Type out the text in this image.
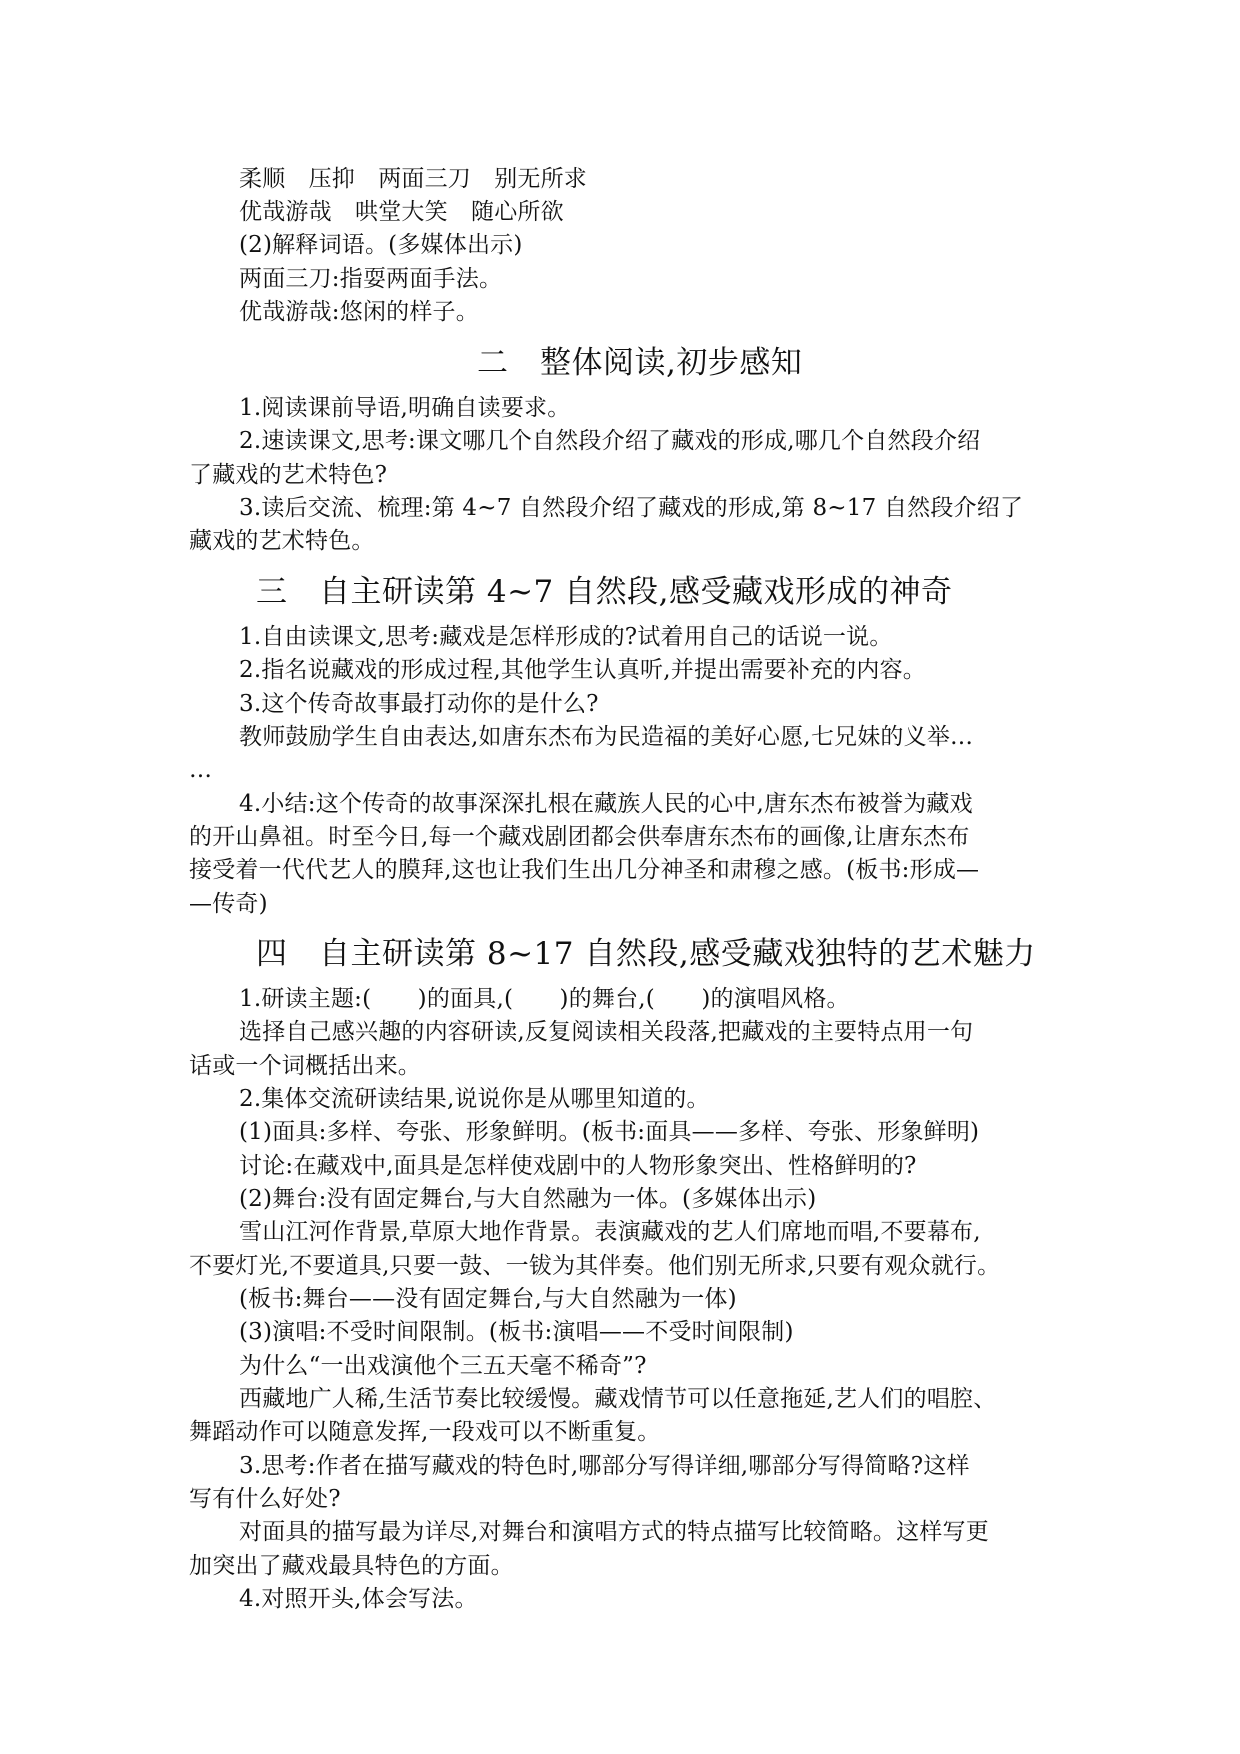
柔顺　压抑　两面三刀　别无所求
优哉游哉　哄堂大笑　随心所欲
(2)解释词语。(多媒体出示)
两面三刀:指耍两面手法。
优哉游哉:悠闲的样子。
二　整体阅读,初步感知
1.阅读课前导语,明确自读要求。
2.速读课文,思考:课文哪几个自然段介绍了藏戏的形成,哪几个自然段介绍
了藏戏的艺术特色?
3.读后交流、梳理:第 4~7 自然段介绍了藏戏的形成,第 8~17 自然段介绍了
藏戏的艺术特色。
三　自主研读第 4~7 自然段,感受藏戏形成的神奇
1.自由读课文,思考:藏戏是怎样形成的?试着用自己的话说一说。
2.指名说藏戏的形成过程,其他学生认真听,并提出需要补充的内容。
3.这个传奇故事最打动你的是什么?
教师鼓励学生自由表达,如唐东杰布为民造福的美好心愿,七兄妹的义举…
…
4.小结:这个传奇的故事深深扎根在藏族人民的心中,唐东杰布被誉为藏戏
的开山鼻祖。时至今日,每一个藏戏剧团都会供奉唐东杰布的画像,让唐东杰布
接受着一代代艺人的膜拜,这也让我们生出几分神圣和肃穆之感。(板书:形成—
—传奇)
四　自主研读第 8~17 自然段,感受藏戏独特的艺术魅力
1.研读主题:(　　)的面具,(　　)的舞台,(　　)的演唱风格。
选择自己感兴趣的内容研读,反复阅读相关段落,把藏戏的主要特点用一句
话或一个词概括出来。
2.集体交流研读结果,说说你是从哪里知道的。
(1)面具:多样、夸张、形象鲜明。(板书:面具——多样、夸张、形象鲜明)
讨论:在藏戏中,面具是怎样使戏剧中的人物形象突出、性格鲜明的?
(2)舞台:没有固定舞台,与大自然融为一体。(多媒体出示)
雪山江河作背景,草原大地作背景。表演藏戏的艺人们席地而唱,不要幕布,
不要灯光,不要道具,只要一鼓、一钹为其伴奏。他们别无所求,只要有观众就行。
(板书:舞台——没有固定舞台,与大自然融为一体)
(3)演唱:不受时间限制。(板书:演唱——不受时间限制)
为什么“一出戏演他个三五天毫不稀奇”?
西藏地广人稀,生活节奏比较缓慢。藏戏情节可以任意拖延,艺人们的唱腔、
舞蹈动作可以随意发挥,一段戏可以不断重复。
3.思考:作者在描写藏戏的特色时,哪部分写得详细,哪部分写得简略?这样
写有什么好处?
对面具的描写最为详尽,对舞台和演唱方式的特点描写比较简略。这样写更
加突出了藏戏最具特色的方面。
4.对照开头,体会写法。
